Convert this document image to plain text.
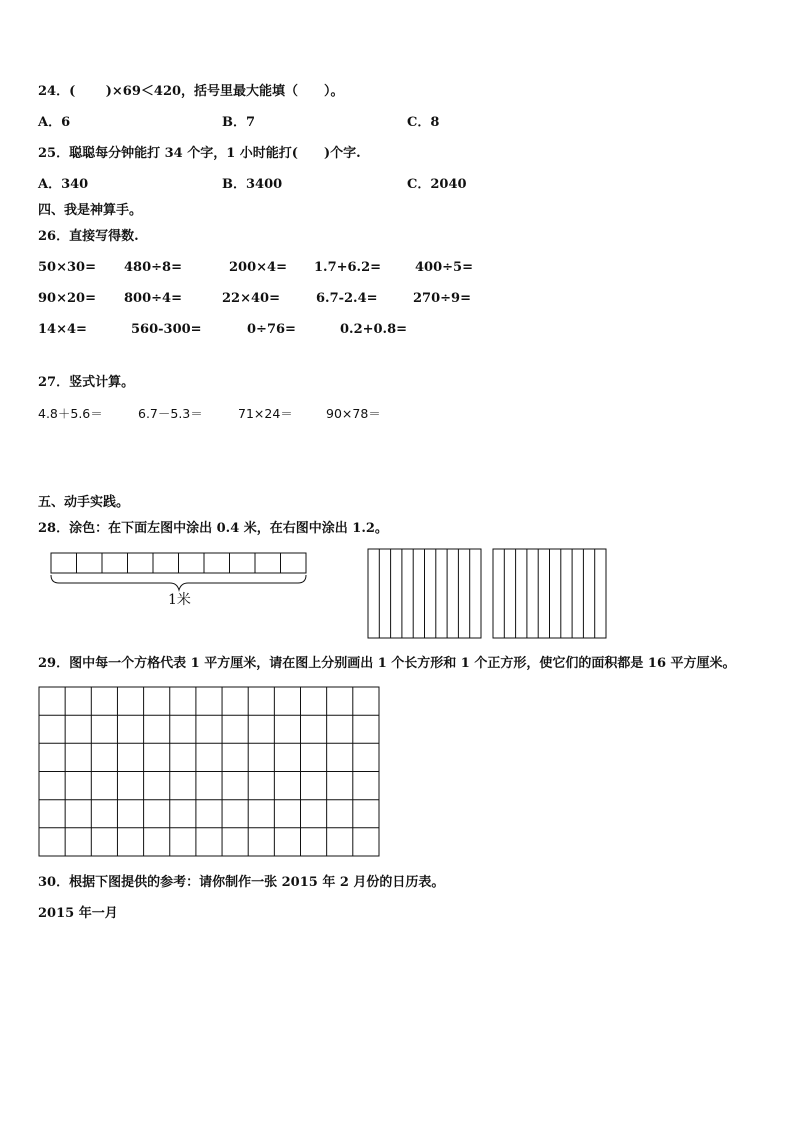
24．(　　 )×69＜420，括号里最大能填（　　）。
A．6	B．7	C．8
25．聪聪每分钟能打 34 个字，1 小时能打(　　)个字.
A．340	B．3400	C．2040
四、我是神算手。
26．直接写得数.
50×30= 480÷8=	200×4= 1.7+6.2=	400÷5=
90×20= 800÷4=	22×40=	6.7-2.4=	270÷9=
14×4=	560-300=	0÷76=	0.2+0.8=
27．竖式计算。
4.8＋5.6＝	6.7－5.3＝	71×24＝	90×78＝
五、动手实践。
28．涂色：在下面左图中涂出 0.4 米，在右图中涂出 1.2。
1米
29．图中每一个方格代表 1 平方厘米，请在图上分别画出 1 个长方形和 1 个正方形，使它们的面积都是 16 平方厘米。
30．根据下图提供的参考：请你制作一张 2015 年 2 月份的日历表。
2015 年一月
